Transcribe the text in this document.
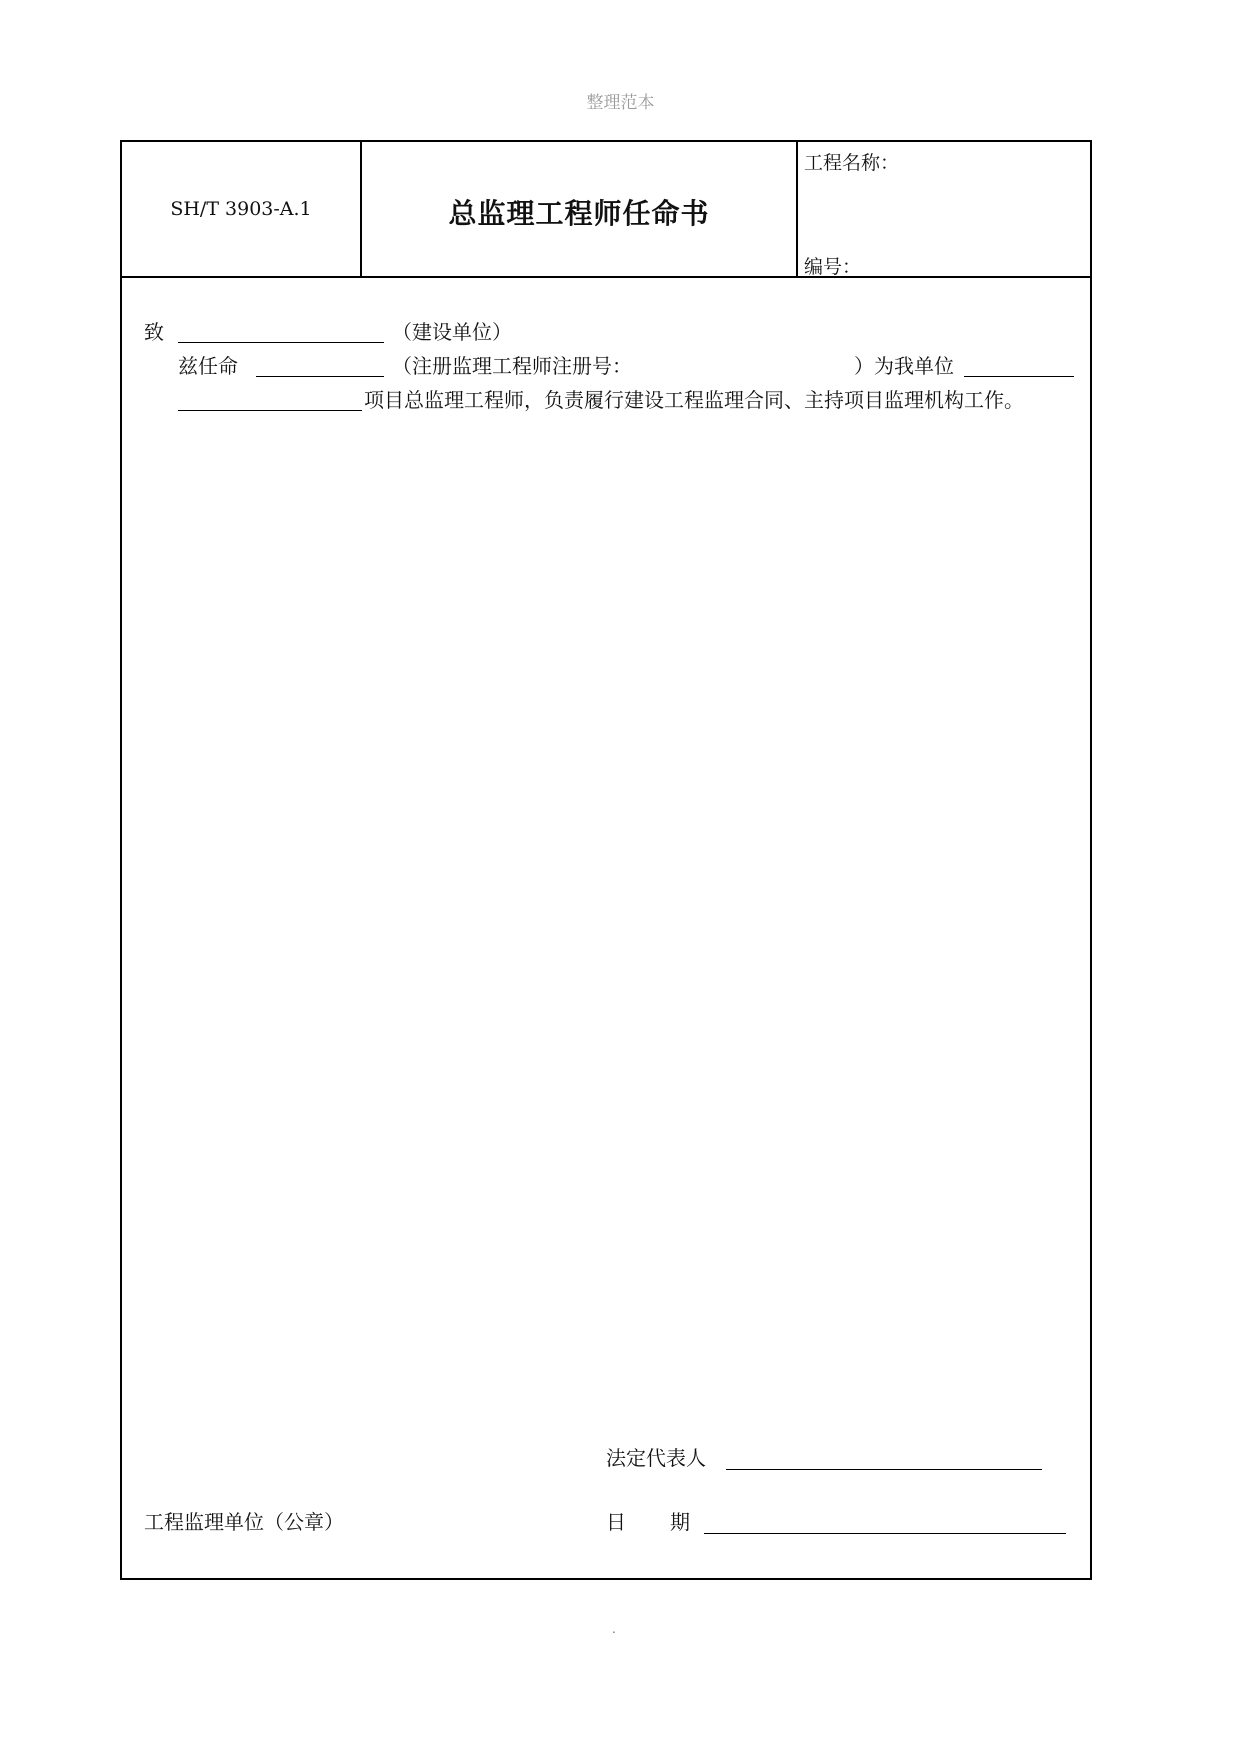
整理范本
SH/T 3903-A.1	总监理工程师任命书
工程名称：
编号：
致	（建设单位）
兹任命	（注册监理工程师注册号：	）为我单位
项目总监理工程师，负责履行建设工程监理合同、主持项目监理机构工作。
法定代表人
工程监理单位（公章）	日 期
.
